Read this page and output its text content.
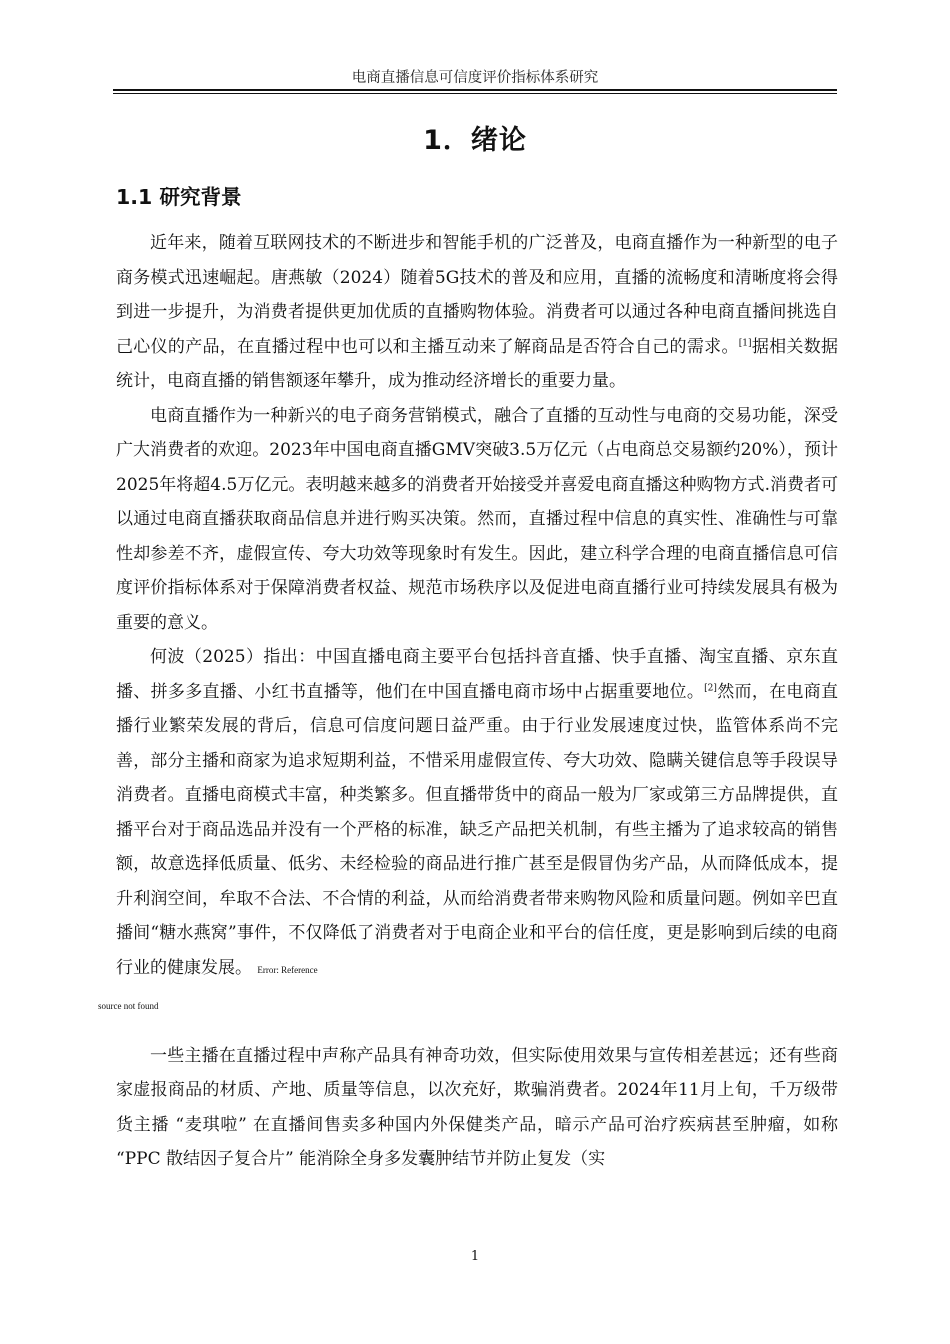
电商直播信息可信度评价指标体系研究
1．绪论
1.1 研究背景

近年来，随着互联网技术的不断进步和智能手机的广泛普及，电商直播作为一种新型的电子商务模式迅速崛起。唐燕敏（2024）随着5G技术的普及和应用，直播的流畅度和清晰度将会得到进一步提升，为消费者提供更加优质的直播购物体验。消费者可以通过各种电商直播间挑选自己心仪的产品，在直播过程中也可以和主播互动来了解商品是否符合自己的需求。[1]据相关数据统计，电商直播的销售额逐年攀升，成为推动经济增长的重要力量。

电商直播作为一种新兴的电子商务营销模式，融合了直播的互动性与电商的交易功能，深受广大消费者的欢迎。2023年中国电商直播GMV突破3.5万亿元（占电商总交易额约20%），预计2025年将超4.5万亿元。表明越来越多的消费者开始接受并喜爱电商直播这种购物方式.消费者可以通过电商直播获取商品信息并进行购买决策。然而，直播过程中信息的真实性、准确性与可靠性却参差不齐，虚假宣传、夸大功效等现象时有发生。因此，建立科学合理的电商直播信息可信度评价指标体系对于保障消费者权益、规范市场秩序以及促进电商直播行业可持续发展具有极为重要的意义。

何波（2025）指出：中国直播电商主要平台包括抖音直播、快手直播、淘宝直播、京东直播、拼多多直播、小红书直播等，他们在中国直播电商市场中占据重要地位。[2]然而，在电商直播行业繁荣发展的背后，信息可信度问题日益严重。由于行业发展速度过快，监管体系尚不完善，部分主播和商家为追求短期利益，不惜采用虚假宣传、夸大功效、隐瞒关键信息等手段误导消费者。直播电商模式丰富，种类繁多。但直播带货中的商品一般为厂家或第三方品牌提供，直播平台对于商品选品并没有一个严格的标准，缺乏产品把关机制，有些主播为了追求较高的销售额，故意选择低质量、低劣、未经检验的商品进行推广甚至是假冒伪劣产品，从而降低成本，提升利润空间，牟取不合法、不合情的利益，从而给消费者带来购物风险和质量问题。例如辛巴直播间“糖水燕窝”事件，不仅降低了消费者对于电商企业和平台的信任度，更是影响到后续的电商行业的健康发展。 Error: Reference
source not found

一些主播在直播过程中声称产品具有神奇功效，但实际使用效果与宣传相差甚远；还有些商家虚报商品的材质、产地、质量等信息，以次充好，欺骗消费者。2024年11月上旬，千万级带货主播 “麦琪啦” 在直播间售卖多种国内外保健类产品，暗示产品可治疗疾病甚至肿瘤，如称 “PPC 散结因子复合片” 能消除全身多发囊肿结节并防止复发（实

1
